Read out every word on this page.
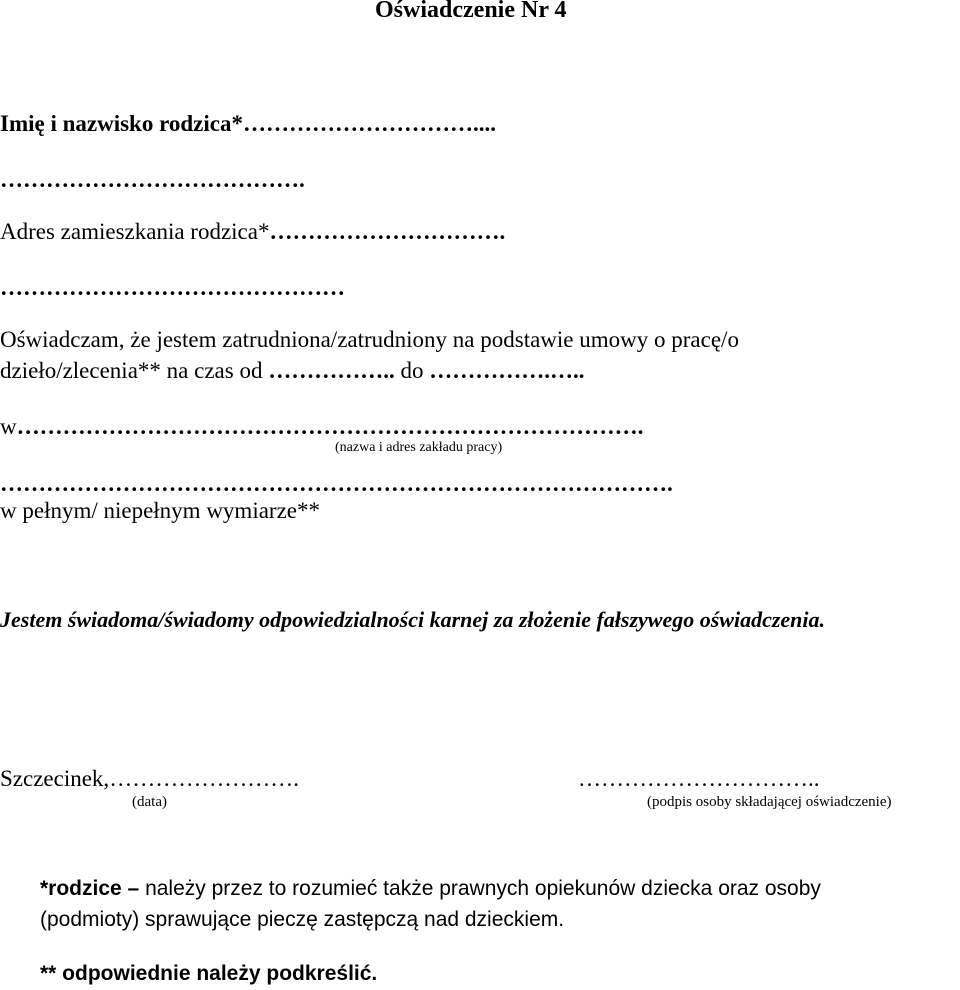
Oświadczenie Nr 4
Imię i nazwisko rodzica*…………………………....
………………………………….
Adres zamieszkania rodzica*………………………….
………………………………………
Oświadczam, że jestem zatrudniona/zatrudniony na podstawie umowy o pracę/o
dzieło/zlecenia** na czas od …………….. do …………….…..
w……………………………………………………………………….
(nazwa i adres zakładu pracy)
…………………………………………………………………………….
w pełnym/ niepełnym wymiarze**
Jestem świadoma/świadomy odpowiedzialności karnej za złożenie fałszywego oświadczenia.
Szczecinek,…………………….
(data)
…………………………..
(podpis osoby składającej oświadczenie)
*rodzice – należy przez to rozumieć także prawnych opiekunów dziecka oraz osoby
(podmioty) sprawujące pieczę zastępczą nad dzieckiem.
** odpowiednie należy podkreślić.
